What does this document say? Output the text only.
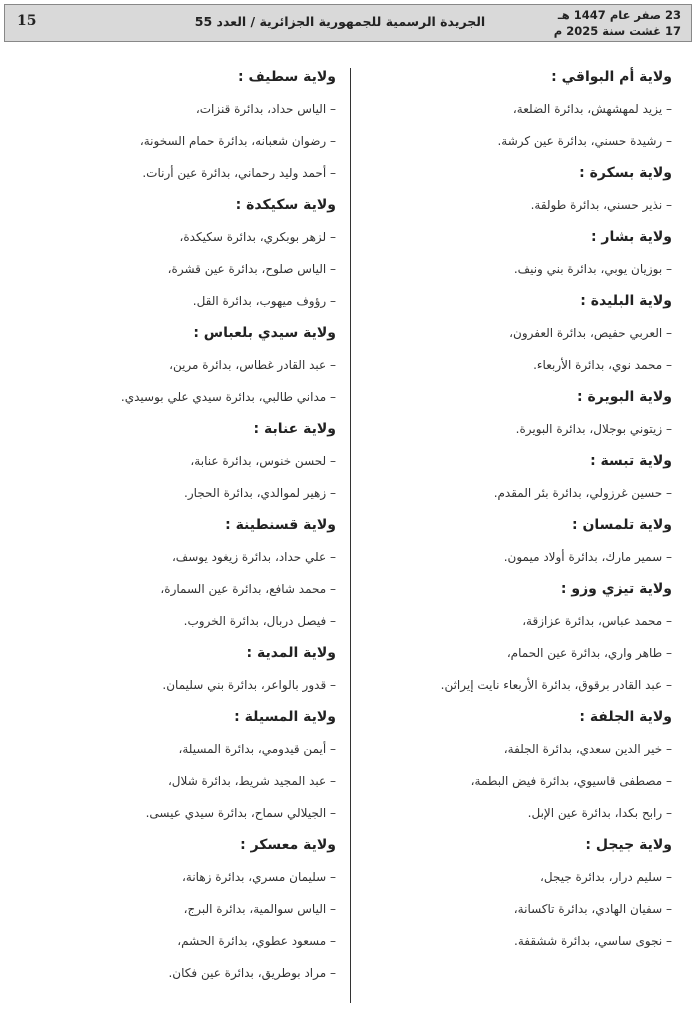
15	الجريدة الرسمية للجمهورية الجزائرية / العدد 55	23 صفر عام 1447 هـ
17 غشت سنة 2025 م
ولاية أم البواقي :
– يزيد لمهشهش، بدائرة الضلعة،
– رشيدة حسني، بدائرة عين كرشة.
ولاية بسكرة :
– نذير حسني، بدائرة طولقة.
ولاية بشار :
– بوزيان يوبي، بدائرة بني ونيف.
ولاية البليدة :
– العربي حفيص، بدائرة العفرون،
– محمد نوي، بدائرة الأربعاء.
ولاية البويرة :
– زيتوني بوجلال، بدائرة البويرة.
ولاية تبسة :
– حسين غرزولي، بدائرة بئر المقدم.
ولاية تلمسان :
– سمير مارك، بدائرة أولاد ميمون.
ولاية تيزي وزو :
– محمد عباس، بدائرة عزازقة،
– طاهر واري، بدائرة عين الحمام،
– عبد القادر برقوق، بدائرة الأربعاء نايت إيراثن.
ولاية الجلفة :
– خير الدين سعدي، بدائرة الجلفة،
– مصطفى قاسيوي، بدائرة فيض البطمة،
– رابح بكدا، بدائرة عين الإبل.
ولاية جيجل :
– سليم درار، بدائرة جيجل،
– سفيان الهادي، بدائرة تاكسانة،
– نجوى ساسي، بدائرة ششقفة.
ولاية سطيف :
– الياس حداد، بدائرة قنزات،
– رضوان شعبانه، بدائرة حمام السخونة،
– أحمد وليد رحماني، بدائرة عين أرنات.
ولاية سكيكدة :
– لزهر بوبكري، بدائرة سكيكدة،
– الياس صلوح، بدائرة عين قشرة،
– رؤوف ميهوب، بدائرة القل.
ولاية سيدي بلعباس :
– عبد القادر غطاس، بدائرة مرين،
– مداني طالبي، بدائرة سيدي علي بوسيدي.
ولاية عنابة :
– لحسن خنوس، بدائرة عنابة،
– زهير لموالدي، بدائرة الحجار.
ولاية قسنطينة :
– علي حداد، بدائرة زيغود يوسف،
– محمد شافع، بدائرة عين السمارة،
– فيصل دربال، بدائرة الخروب.
ولاية المدية :
– قدور بالواعر، بدائرة بني سليمان.
ولاية المسيلة :
– أيمن قيدومي، بدائرة المسيلة،
– عبد المجيد شريط، بدائرة شلال،
– الجيلالي سماح، بدائرة سيدي عيسى.
ولاية معسكر :
– سليمان مسري، بدائرة زهانة،
– الياس سوالمية، بدائرة البرج،
– مسعود عطوي، بدائرة الحشم،
– مراد بوطريق، بدائرة عين فكان.
